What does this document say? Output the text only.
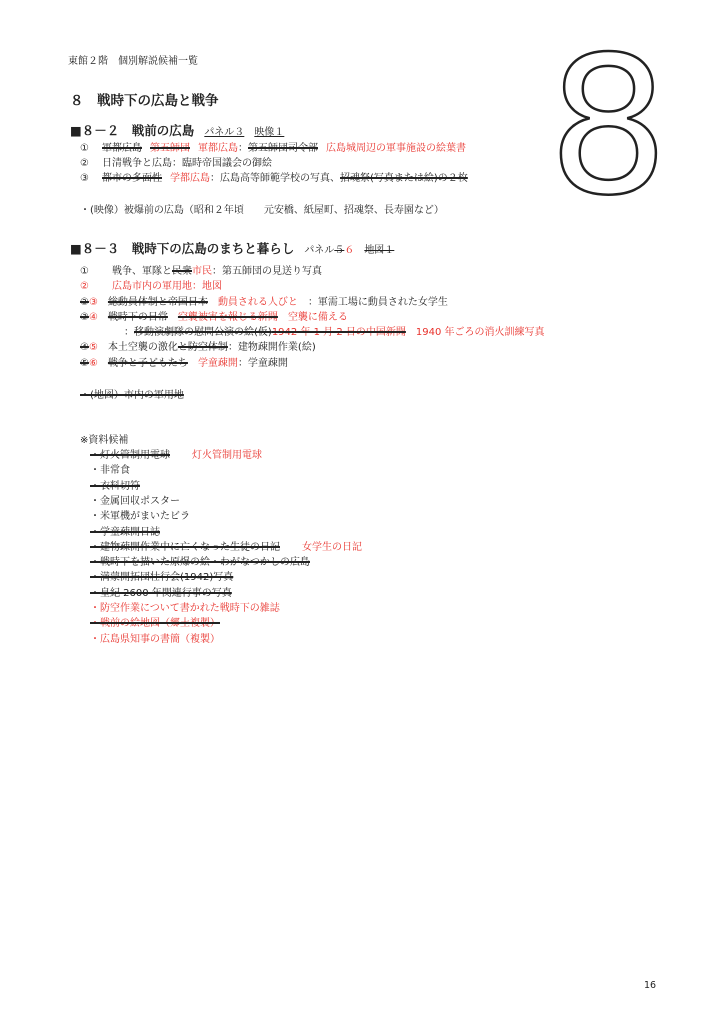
東館２階　個別解説候補一覧 8
８　戦時下の広島と戦争
■８－２　戦前の広島 パネル３　 映像１
① 軍都広島 第五師団 軍都広島：第五師団司令部 広島城周辺の軍事施設の絵葉書
② 日清戦争と広島：臨時帝国議会の御絵
③ 都市の多面性 学都広島：広島高等師範学校の写真、招魂祭(写真または絵)の２枚
・(映像）被爆前の広島（昭和２年頃　　元安橋、紙屋町、招魂祭、長寿園など）
■８－３　戦時下の広島のまちと暮らし パネル５６　 地図１
①　 戦争、軍隊と民衆市民：第五師団の見送り写真
②　 広島市内の軍用地：地図
②③　 総動員体制と帝国日本　 動員される人びと　 ：軍需工場に動員された女学生
③④　 戦時下の日常　 空襲被害を報じる新聞　 空襲に備える
：移動演劇隊の慰問公演の絵(仮)1942 年 1 月 2 日の中国新聞　 1940 年ごろの消火訓練写真
④⑤　 本土空襲の激化と防空体制：建物疎開作業(絵)
⑤⑥　 戦争と子どもたち　 学童疎開：学童疎開
・(地図）市内の軍用地
※資料候補
・灯火管制用電球 灯火管制用電球
・非常食
・衣料切符
・金属回収ポスター
・米軍機がまいたビラ
・学童疎開日誌
・建物疎開作業中に亡くなった生徒の日記 女学生の日記
・戦時下を描いた原爆の絵・わがなつかしの広島
・満蒙開拓団壮行会(1942)写真
・皇紀 2600 年関連行事の写真
・防空作業について書かれた戦時下の雑誌
・戦前の絵地図（郷土複製）
・広島県知事の書簡（複製）
16
